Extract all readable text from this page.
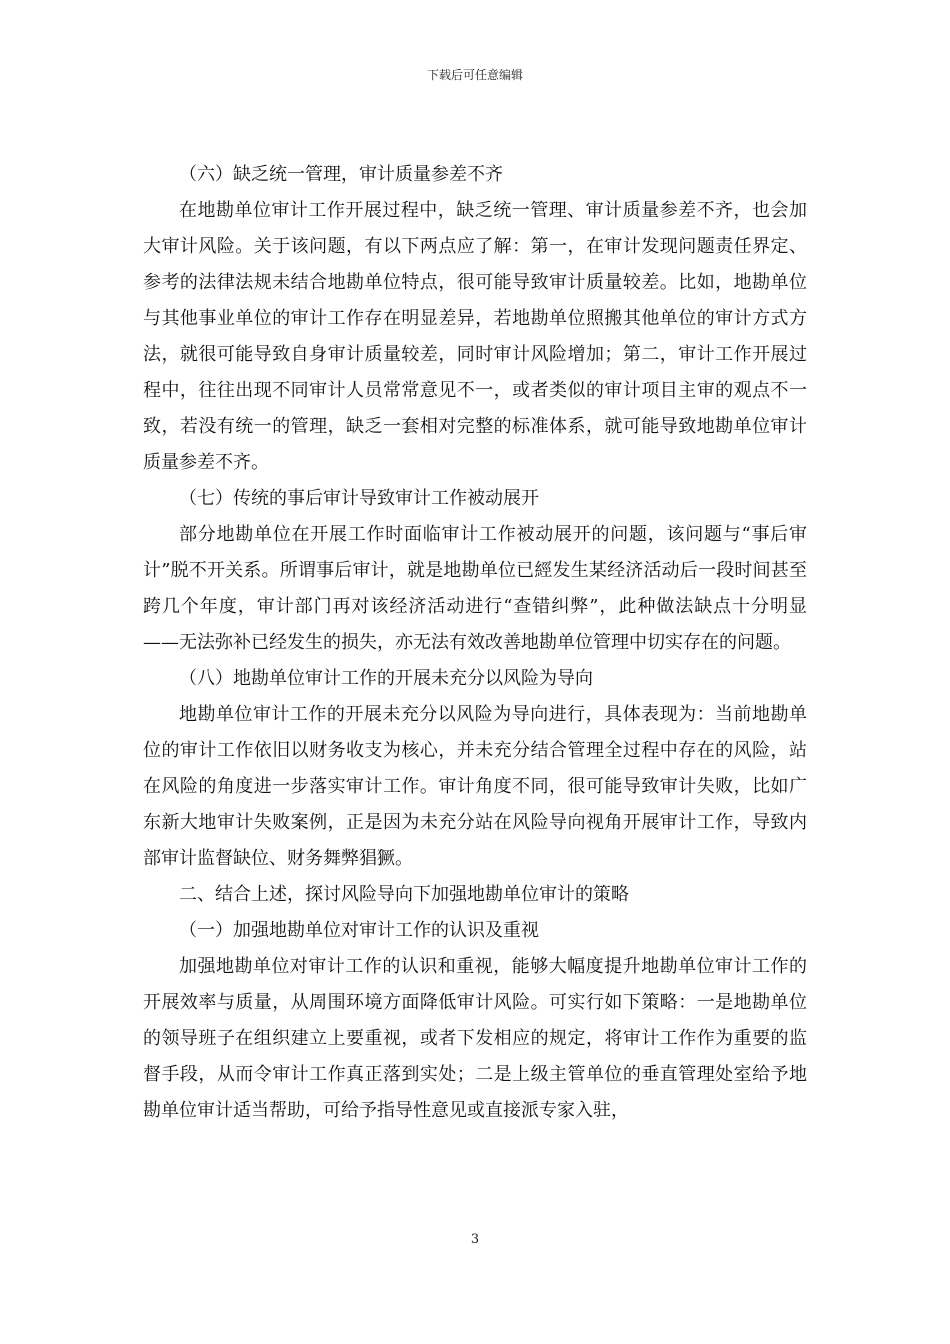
下载后可任意编辑

（六）缺乏统一管理，审计质量参差不齐

在地勘单位审计工作开展过程中，缺乏统一管理、审计质量参差不齐，也会加大审计风险。关于该问题，有以下两点应了解：第一，在审计发现问题责任界定、参考的法律法规未结合地勘单位特点，很可能导致审计质量较差。比如，地勘单位与其他事业单位的审计工作存在明显差异，若地勘单位照搬其他单位的审计方式方法，就很可能导致自身审计质量较差，同时审计风险增加；第二，审计工作开展过程中，往往出现不同审计人员常常意见不一，或者类似的审计项目主审的观点不一致，若没有统一的管理，缺乏一套相对完整的标准体系，就可能导致地勘单位审计质量参差不齐。

（七）传统的事后审计导致审计工作被动展开

部分地勘单位在开展工作时面临审计工作被动展开的问题，该问题与“事后审计”脱不开关系。所谓事后审计，就是地勘单位已經发生某经济活动后一段时间甚至跨几个年度，审计部门再对该经济活动进行“查错纠弊”，此种做法缺点十分明显——无法弥补已经发生的损失，亦无法有效改善地勘单位管理中切实存在的问题。

（八）地勘单位审计工作的开展未充分以风险为导向

地勘单位审计工作的开展未充分以风险为导向进行，具体表现为：当前地勘单位的审计工作依旧以财务收支为核心，并未充分结合管理全过程中存在的风险，站在风险的角度进一步落实审计工作。审计角度不同，很可能导致审计失败，比如广东新大地审计失败案例，正是因为未充分站在风险导向视角开展审计工作，导致内部审计监督缺位、财务舞弊猖獗。

二、结合上述，探讨风险导向下加强地勘单位审计的策略

（一）加强地勘单位对审计工作的认识及重视

加强地勘单位对审计工作的认识和重视，能够大幅度提升地勘单位审计工作的开展效率与质量，从周围环境方面降低审计风险。可实行如下策略：一是地勘单位的领导班子在组织建立上要重视，或者下发相应的规定，将审计工作作为重要的监督手段，从而令审计工作真正落到实处；二是上级主管单位的垂直管理处室给予地勘单位审计适当帮助，可给予指导性意见或直接派专家入驻，

3
